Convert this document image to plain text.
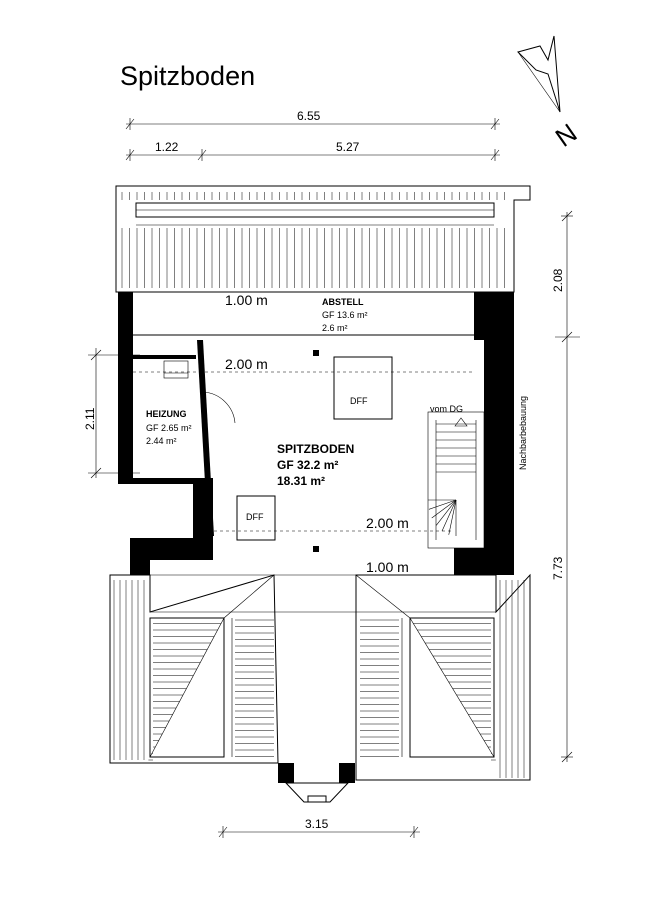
Spitzboden
N
6.55
1.22	5.27
2.08
7.73
2.11
3.15
DFF
DFF
vom DG	Nachbarbebauung
1.00 m
2.00 m
2.00 m
1.00 m
ABSTELL
GF 13.6 m²
2.6 m²
HEIZUNG
GF 2.65 m²
2.44 m²
SPITZBODEN
GF 32.2 m²
18.31 m²
